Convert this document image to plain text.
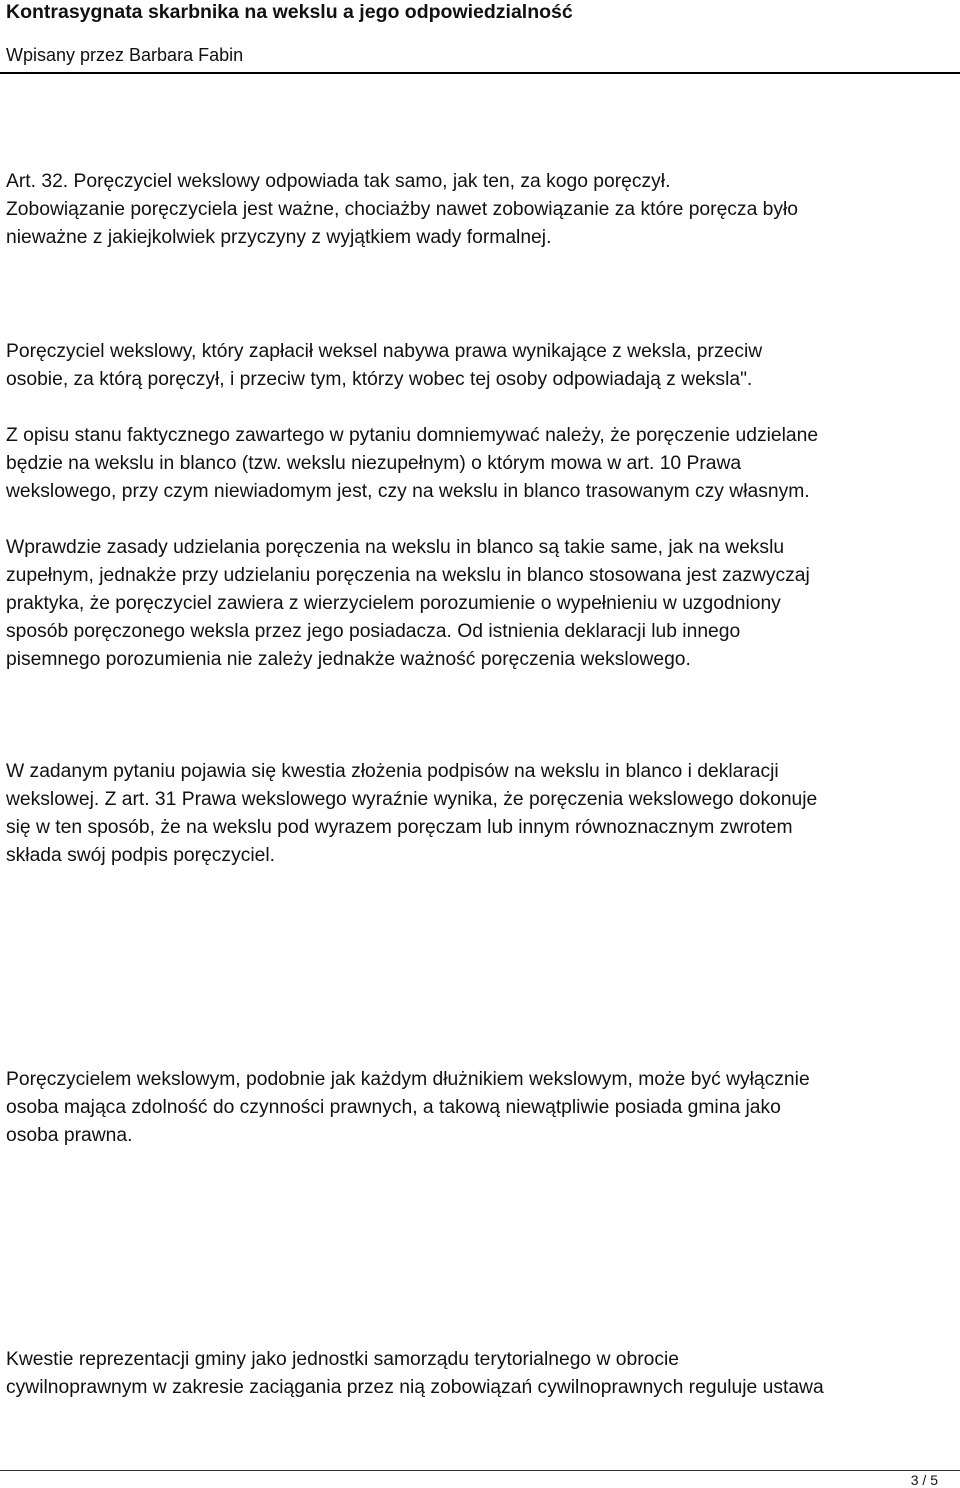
Kontrasygnata skarbnika na wekslu a jego odpowiedzialność
Wpisany przez Barbara Fabin

Art. 32. Poręczyciel wekslowy odpowiada tak samo, jak ten, za kogo poręczył.
Zobowiązanie poręczyciela jest ważne, chociażby nawet zobowiązanie za które poręcza było
nieważne z jakiejkolwiek przyczyny z wyjątkiem wady formalnej.

Poręczyciel wekslowy, który zapłacił weksel nabywa prawa wynikające z weksla, przeciw
osobie, za którą poręczył, i przeciw tym, którzy wobec tej osoby odpowiadają z weksla".

Z opisu stanu faktycznego zawartego w pytaniu domniemywać należy, że poręczenie udzielane
będzie na wekslu in blanco (tzw. wekslu niezupełnym) o którym mowa w art. 10 Prawa
wekslowego, przy czym niewiadomym jest, czy na wekslu in blanco trasowanym czy własnym.

Wprawdzie zasady udzielania poręczenia na wekslu in blanco są takie same, jak na wekslu
zupełnym, jednakże przy udzielaniu poręczenia na wekslu in blanco stosowana jest zazwyczaj
praktyka, że poręczyciel zawiera z wierzycielem porozumienie o wypełnieniu w uzgodniony
sposób poręczonego weksla przez jego posiadacza. Od istnienia deklaracji lub innego
pisemnego porozumienia nie zależy jednakże ważność poręczenia wekslowego.

W zadanym pytaniu pojawia się kwestia złożenia podpisów na wekslu in blanco i deklaracji
wekslowej. Z art. 31 Prawa wekslowego wyraźnie wynika, że poręczenia wekslowego dokonuje
się w ten sposób, że na wekslu pod wyrazem poręczam lub innym równoznacznym zwrotem
składa swój podpis poręczyciel.

Poręczycielem wekslowym, podobnie jak każdym dłużnikiem wekslowym, może być wyłącznie
osoba mająca zdolność do czynności prawnych, a takową niewątpliwie posiada gmina jako
osoba prawna.

Kwestie reprezentacji gminy jako jednostki samorządu terytorialnego w obrocie
cywilnoprawnym w zakresie zaciągania przez nią zobowiązań cywilnoprawnych reguluje ustawa

3 / 5
